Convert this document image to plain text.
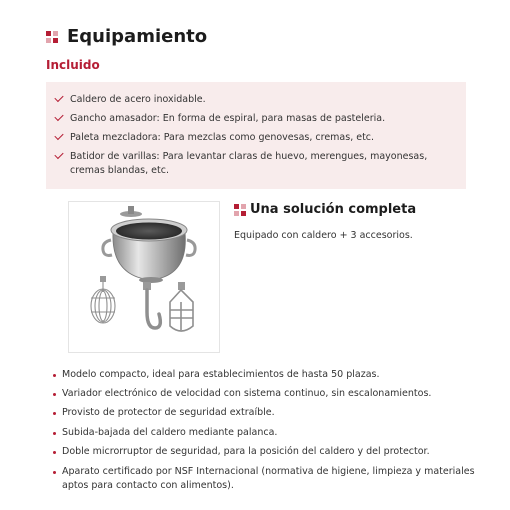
Equipamiento
Incluido
Caldero de acero inoxidable.
Gancho amasador: En forma de espiral, para masas de pasteleria.
Paleta mezcladora: Para mezclas como genovesas, cremas, etc.
Batidor de varillas: Para levantar claras de huevo, merengues, mayonesas, cremas blandas, etc.
Una solución completa
Equipado con caldero + 3 accesorios.
Modelo compacto, ideal para establecimientos de hasta 50 plazas.
Variador electrónico de velocidad con sistema continuo, sin escalonamientos.
Provisto de protector de seguridad extraíble.
Subida-bajada del caldero mediante palanca.
Doble microrruptor de seguridad, para la posición del caldero y del protector.
Aparato certificado por NSF Internacional (normativa de higiene, limpieza y materiales aptos para contacto con alimentos).
